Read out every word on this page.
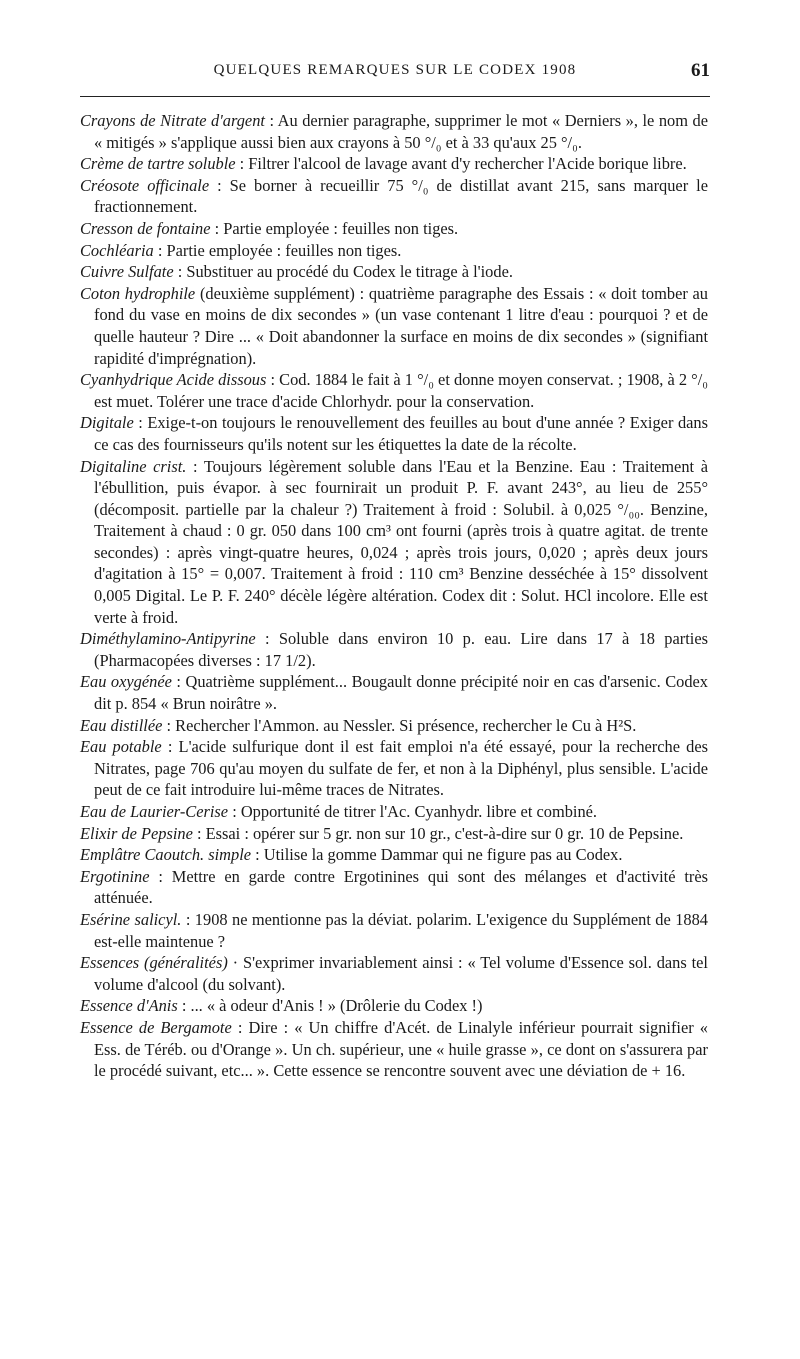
QUELQUES REMARQUES SUR LE CODEX 1908	61

Crayons de Nitrate d'argent : Au dernier paragraphe, supprimer le mot « Derniers », le nom de « mitigés » s'applique aussi bien aux crayons à 50 °/₀ et à 33 qu'aux 25 °/₀.

Crème de tartre soluble : Filtrer l'alcool de lavage avant d'y rechercher l'Acide borique libre.

Créosote officinale : Se borner à recueillir 75 °/₀ de distillat avant 215, sans marquer le fractionnement.

Cresson de fontaine : Partie employée : feuilles non tiges.

Cochléaria : Partie employée : feuilles non tiges.

Cuivre Sulfate : Substituer au procédé du Codex le titrage à l'iode.

Coton hydrophile (deuxième supplément) : quatrième paragraphe des Essais : « doit tomber au fond du vase en moins de dix secondes » (un vase contenant 1 litre d'eau : pourquoi ? et de quelle hauteur ? Dire ... « Doit abandonner la surface en moins de dix secondes » (signifiant rapidité d'imprégnation).

Cyanhydrique Acide dissous : Cod. 1884 le fait à 1 °/₀ et donne moyen conservat. ; 1908, à 2 °/₀ est muet. Tolérer une trace d'acide Chlorhydr. pour la conservation.

Digitale : Exige-t-on toujours le renouvellement des feuilles au bout d'une année ? Exiger dans ce cas des fournisseurs qu'ils notent sur les étiquettes la date de la récolte.

Digitaline crist. : Toujours légèrement soluble dans l'Eau et la Benzine. Eau : Traitement à l'ébullition, puis évapor. à sec fournirait un produit P. F. avant 243°, au lieu de 255° (décomposit. partielle par la chaleur ?) Traitement à froid : Solubil. à 0,025 °/₀₀. Benzine, Traitement à chaud : 0 gr. 050 dans 100 cm³ ont fourni (après trois à quatre agitat. de trente secondes) : après vingt-quatre heures, 0,024 ; après trois jours, 0,020 ; après deux jours d'agitation à 15° = 0,007. Traitement à froid : 110 cm³ Benzine desséchée à 15° dissolvent 0,005 Digital. Le P. F. 240° décèle légère altération. Codex dit : Solut. HCl incolore. Elle est verte à froid.

Diméthylamino-Antipyrine : Soluble dans environ 10 p. eau. Lire dans 17 à 18 parties (Pharmacopées diverses : 17 1/2).

Eau oxygénée : Quatrième supplément... Bougault donne précipité noir en cas d'arsenic. Codex dit p. 854 « Brun noirâtre ».

Eau distillée : Rechercher l'Ammon. au Nessler. Si présence, rechercher le Cu à H²S.

Eau potable : L'acide sulfurique dont il est fait emploi n'a été essayé, pour la recherche des Nitrates, page 706 qu'au moyen du sulfate de fer, et non à la Diphényl, plus sensible. L'acide peut de ce fait introduire lui-même traces de Nitrates.

Eau de Laurier-Cerise : Opportunité de titrer l'Ac. Cyanhydr. libre et combiné.

Elixir de Pepsine : Essai : opérer sur 5 gr. non sur 10 gr., c'est-à-dire sur 0 gr. 10 de Pepsine.

Emplâtre Caoutch. simple : Utilise la gomme Dammar qui ne figure pas au Codex.

Ergotinine : Mettre en garde contre Ergotinines qui sont des mélanges et d'activité très atténuée.

Esérine salicyl. : 1908 ne mentionne pas la déviat. polarim. L'exigence du Supplément de 1884 est-elle maintenue ?

Essences (généralités) · S'exprimer invariablement ainsi : « Tel volume d'Essence sol. dans tel volume d'alcool (du solvant).

Essence d'Anis : ... « à odeur d'Anis ! » (Drôlerie du Codex !)

Essence de Bergamote : Dire : « Un chiffre d'Acét. de Linalyle inférieur pourrait signifier « Ess. de Téréb. ou d'Orange ». Un ch. supérieur, une « huile grasse », ce dont on s'assurera par le procédé suivant, etc... ». Cette essence se rencontre souvent avec une déviation de + 16.
